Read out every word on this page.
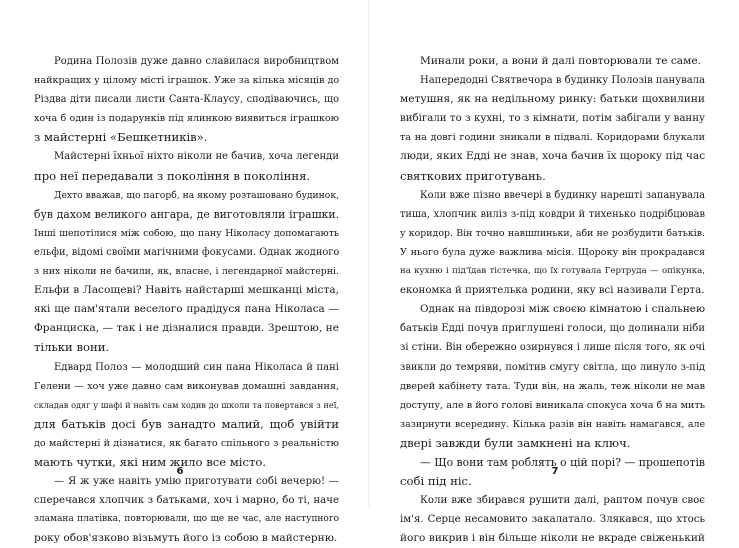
Родина Полозів дуже давно славилася виробництвом
найкращих у цілому місті іграшок. Уже за кілька місяців до
Різдва діти писали листи Санта-Клаусу, сподіваючись, що
хоча б один із подарунків під ялинкою виявиться іграшкою
з майстерні «Бешкетників».
Майстерні їхньої ніхто ніколи не бачив, хоча легенди
про неї передавали з покоління в покоління.
Дехто вважав, що пагорб, на якому розташовано будинок,
був даxом великого ангара, де виготовляли іграшки.
Інші шепотілися між собою, що пану Ніколасу допомагають
ельфи, відомі своїми магічними фокусами. Однак жодного
з них ніколи не бачили, як, власне, і легендарної майстерні.
Ельфи в Ласощеві? Навіть найстарші мешканці міста,
які ще пам'ятали веселого прадідуся пана Ніколаса —
Франциска, — так і не дізналися правди. Зрештою, не
тільки вони.
Едвард Полоз — молодший син пана Ніколаса й пані
Гелени — хоч уже давно сам виконував домашні завдання,
складав одяг у шафі й навіть сам ходив до школи та повертався з неї,
для батьків досі був занадто малий, щоб увійти
до майстерні й дізнатися, як багато спільного з реальністю
мають чутки, які ним жило все місто.
— Я ж уже навіть умію приготувати собі вечерю! —
сперечався хлопчик з батьками, хоч і марно, бо ті, наче
зламана платівка, повторювали, що ще не час, але наступного
року обов'язково візьмуть його із собою в майстерню.
6
Минали роки, а вони й далі повторювали те саме.
Напередодні Святвечора в будинку Полозів панувала
метушня, як на недільному ринку: батьки щохвилини
вибігали то з кухні, то з кімнати, потім забігали у ванну
та на довгі години зникали в підвалі. Коридорами блукали
люди, яких Едді не знав, хоча бачив їх щороку під час
святкових приготувань.
Коли вже пізно ввечері в будинку нарешті запанувала
тиша, хлопчик виліз з-під ковдри й тихенько подрібцював
у коридор. Він точно навшпиньки, аби не розбудити батьків.
У нього була дуже важлива місія. Щороку він прокрадався
на кухню і під'їдав тістечка, що їх готувала Гертруда — опікунка,
економка й приятелька родини, яку всі називали Гертa.
Однак на півдорозі між своєю кімнатою і спальнею
батьків Едді почув приглушені голоси, що долинали ніби
зі стіни. Він обережно озирнувся і лише після того, як очі
звикли до темряви, помітив смугу світла, що линуло з-під
дверей кабінету тата. Туди він, на жаль, теж ніколи не мав
доступу, але в його голові виникала спокуса хоча б на мить
зазирнути всередину. Кілька разів він навіть намагався, але
двері завжди були замкнені на ключ.
— Що вони там роблять о цій порі? — прошепотів
собі під ніс.
Коли вже збирався рушити далі, раптом почув своє
ім'я. Серце несамовито закалатало. Злякався, що хтось
його викрив і він більше ніколи не вкраде свіженький
7
